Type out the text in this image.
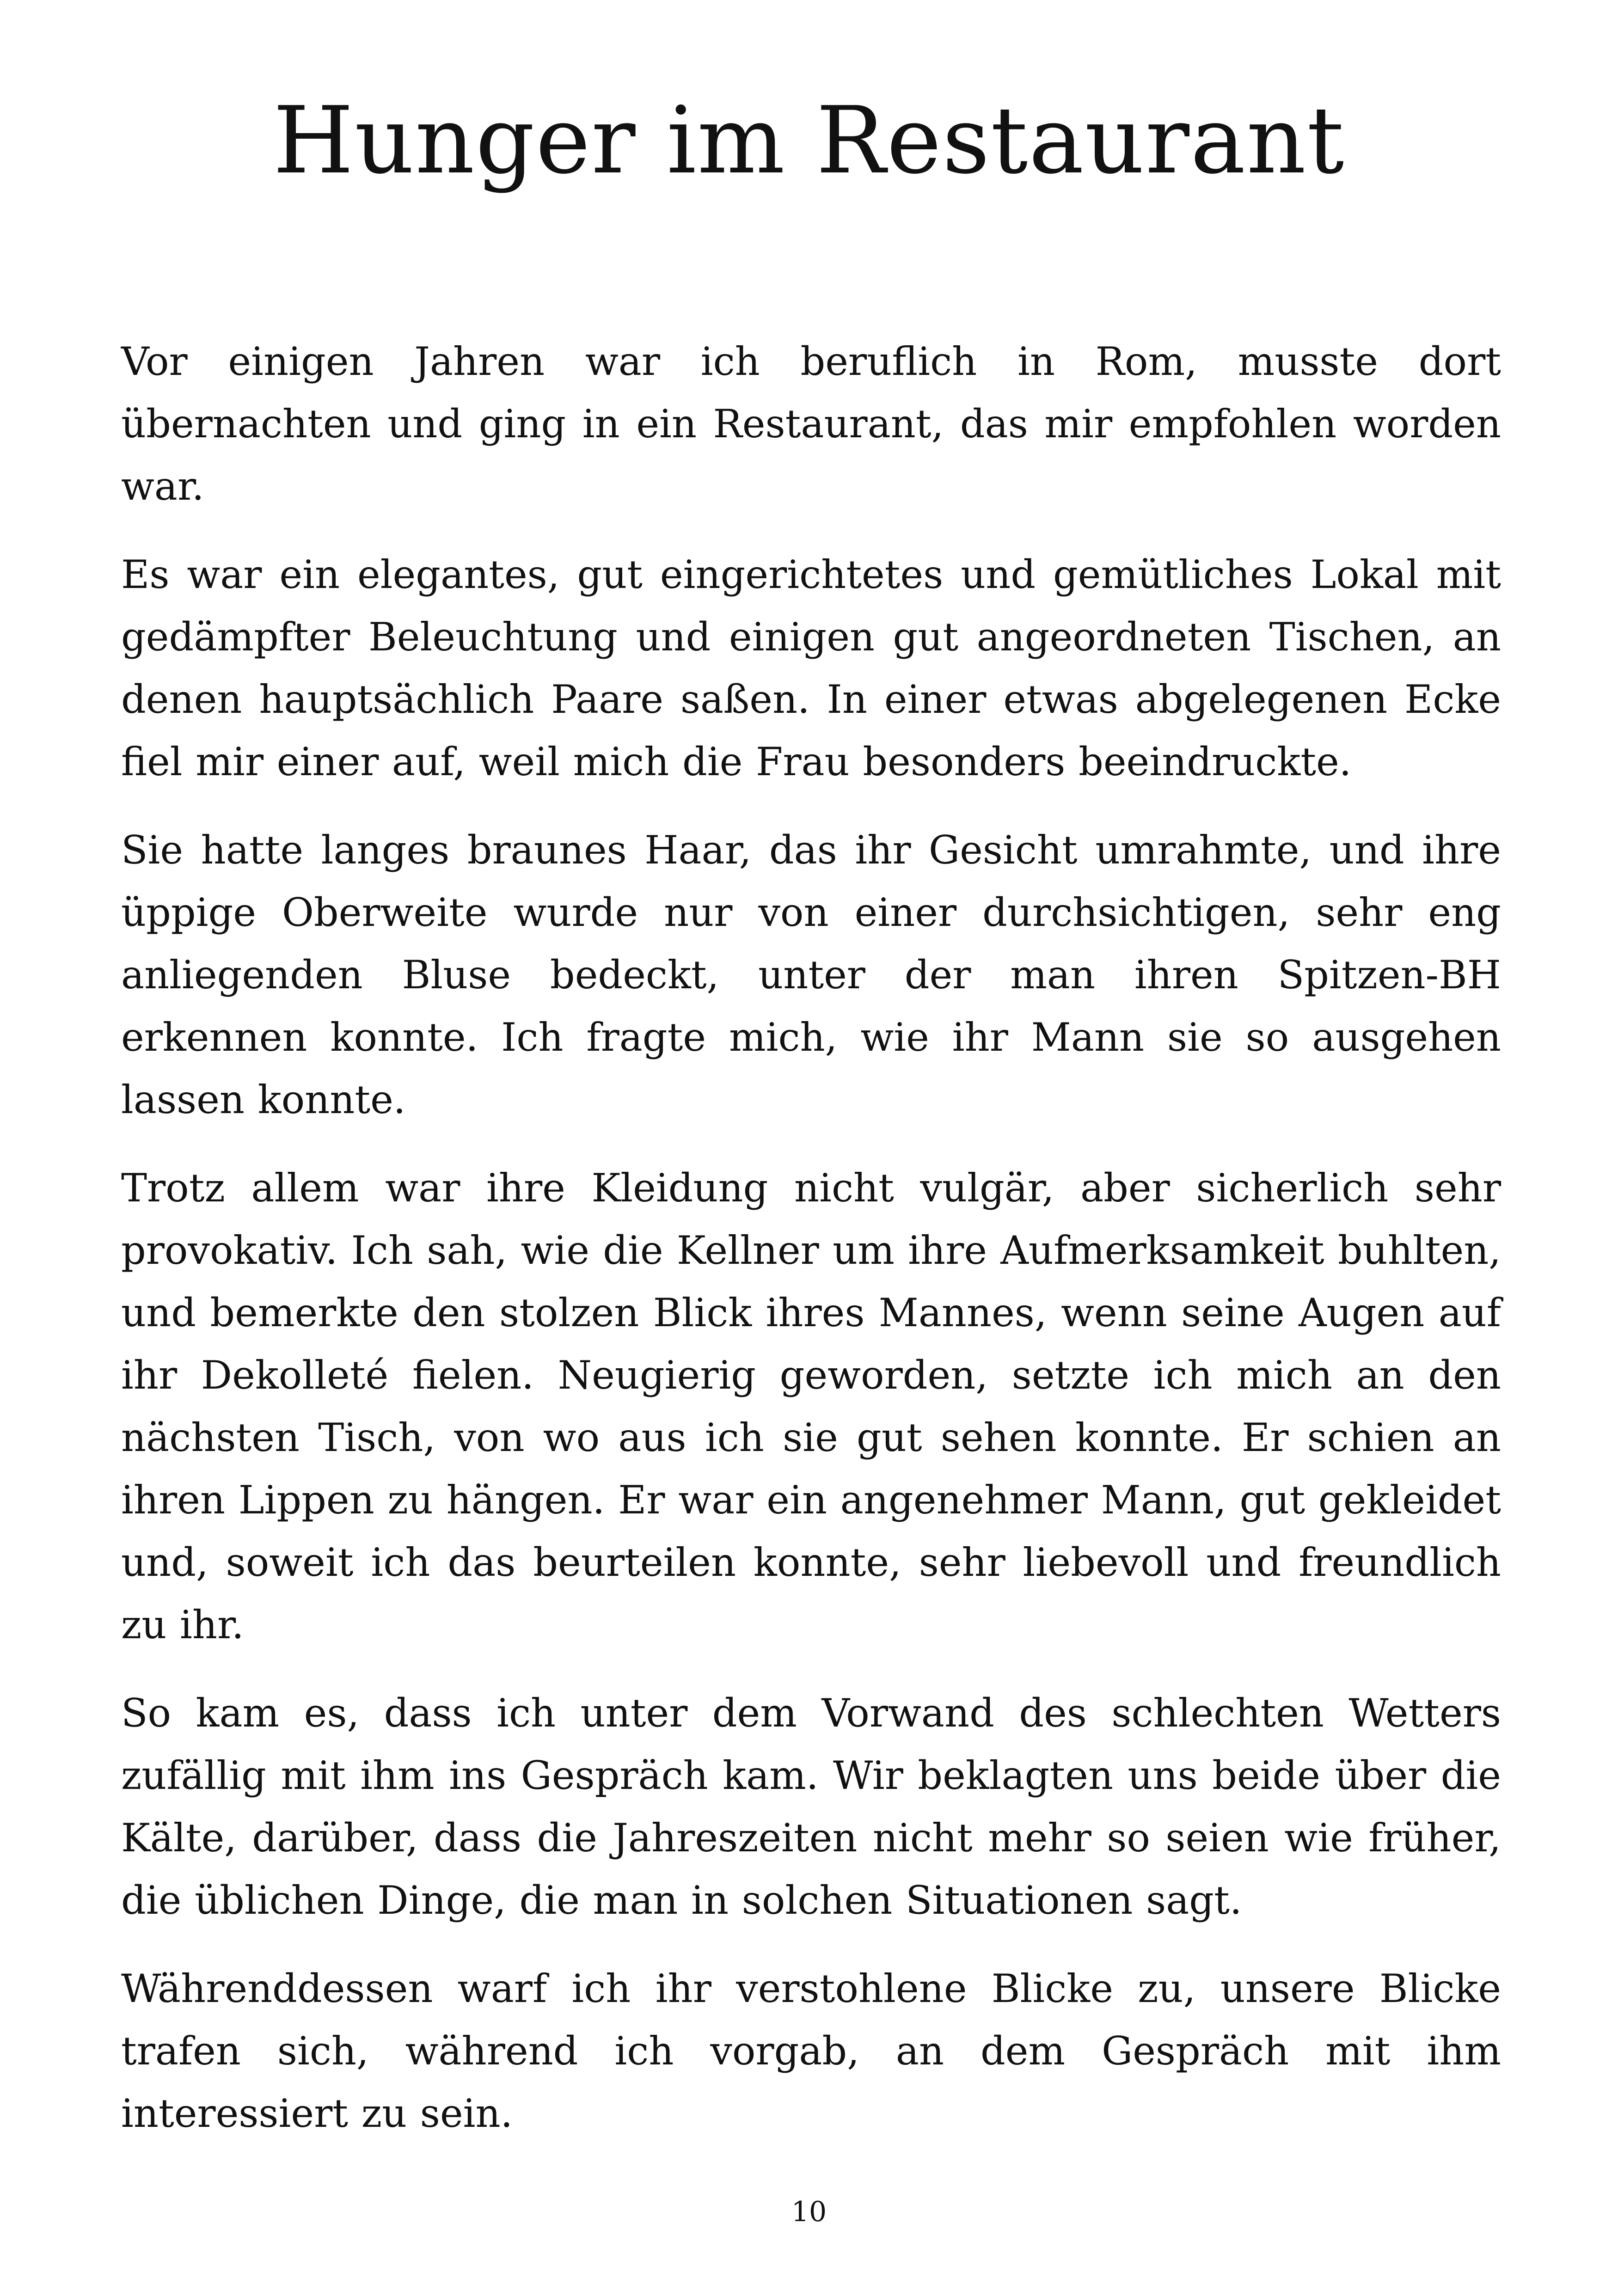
Hunger im Restaurant

Vor einigen Jahren war ich beruflich in Rom, musste dort übernachten und ging in ein Restaurant, das mir empfohlen worden war.

Es war ein elegantes, gut eingerichtetes und gemütliches Lokal mit gedämpfter Beleuchtung und einigen gut angeordneten Tischen, an denen hauptsächlich Paare saßen. In einer etwas abgelegenen Ecke fiel mir einer auf, weil mich die Frau besonders beeindruckte.

Sie hatte langes braunes Haar, das ihr Gesicht umrahmte, und ihre üppige Oberweite wurde nur von einer durchsichtigen, sehr eng anliegenden Bluse bedeckt, unter der man ihren Spitzen-BH erkennen konnte. Ich fragte mich, wie ihr Mann sie so ausgehen lassen konnte.

Trotz allem war ihre Kleidung nicht vulgär, aber sicherlich sehr provokativ. Ich sah, wie die Kellner um ihre Aufmerksamkeit buhlten, und bemerkte den stolzen Blick ihres Mannes, wenn seine Augen auf ihr Dekolleté fielen. Neugierig geworden, setzte ich mich an den nächsten Tisch, von wo aus ich sie gut sehen konnte. Er schien an ihren Lippen zu hängen. Er war ein angenehmer Mann, gut gekleidet und, soweit ich das beurteilen konnte, sehr liebevoll und freundlich zu ihr.

So kam es, dass ich unter dem Vorwand des schlechten Wetters zufällig mit ihm ins Gespräch kam. Wir beklagten uns beide über die Kälte, darüber, dass die Jahreszeiten nicht mehr so seien wie früher, die üblichen Dinge, die man in solchen Situationen sagt.

Währenddessen warf ich ihr verstohlene Blicke zu, unsere Blicke trafen sich, während ich vorgab, an dem Gespräch mit ihm interessiert zu sein.

10
